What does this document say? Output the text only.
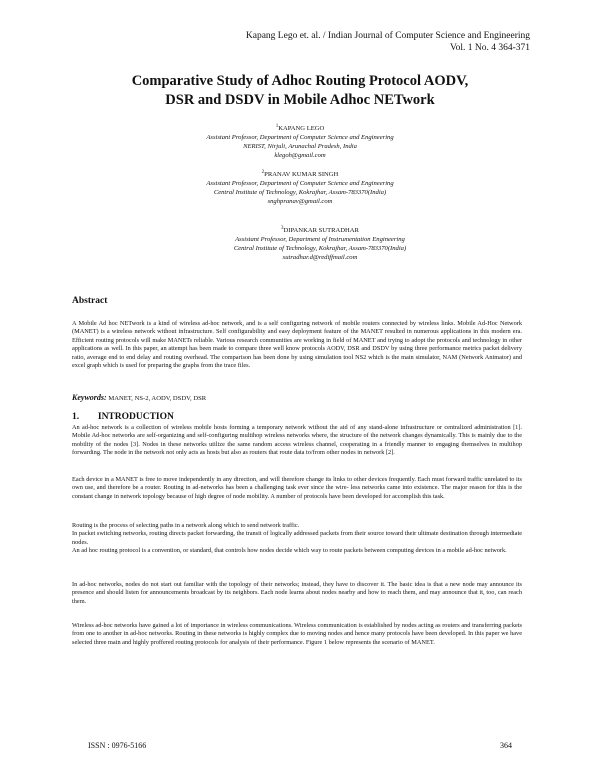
Kapang Lego et. al. / Indian Journal of Computer Science and Engineering
Vol. 1 No. 4 364-371
Comparative Study of Adhoc Routing Protocol AODV,
DSR and DSDV in Mobile Adhoc NETwork
$^1$KAPANG LEGO
Assistant Professor, Department of Computer Science and Engineering
NERIST, Nirjuli, Arunachal Pradesh, India
klegoh@gmail.com
$^2$PRANAV KUMAR SINGH
Assistant Professor, Department of Computer Science and Engineering
Central Institute of Technology, Kokrajhar, Assam-783370(India)
snghpranav@gmail.com
$^3$DIPANKAR SUTRADHAR
Assistant Professor, Department of Instrumentation Engineering
Central Institute of Technology, Kokrajhar, Assam-783370(India)
sutradhar.d@rediffmail.com
Abstract
A Mobile Ad hoc NETwork is a kind of wireless ad-hoc network, and is a self configuring network of mobile routers connected by wireless links. Mobile Ad-Hoc Network (MANET) is a wireless network without infrastructure. Self configurability and easy deployment feature of the MANET resulted in numerous applications in this modern era. Efficient routing protocols will make MANETs reliable. Various research communities are working in field of MANET and trying to adopt the protocols and technology in other applications as well. In this paper, an attempt has been made to compare three well know protocols AODV, DSR and DSDV by using three performance metrics packet delivery ratio, average end to end delay and routing overhead. The comparison has been done by using simulation tool NS2 which is the main simulator, NAM (Network Animator) and excel graph which is used for preparing the graphs from the trace files.
Keywords: MANET, NS-2, AODV, DSDV, DSR
1. INTRODUCTION
An ad-hoc network is a collection of wireless mobile hosts forming a temporary network without the aid of any stand-alone infrastructure or centralized administration [1]. Mobile Ad-hoc networks are self-organizing and self-configuring multihop wireless networks where, the structure of the network changes dynamically. This is mainly due to the mobility of the nodes [3]. Nodes in these networks utilize the same random access wireless channel, cooperating in a friendly manner to engaging themselves in multihop forwarding. The node in the network not only acts as hosts but also as routers that route data to/from other nodes in network [2].
Each device in a MANET is free to move independently in any direction, and will therefore change its links to other devices frequently. Each must forward traffic unrelated to its own use, and therefore be a router. Routing in ad-networks has been a challenging task ever since the wire- less networks came into existence. The major reason for this is the constant change in network topology because of high degree of node mobility. A number of protocols have been developed for accomplish this task.
Routing is the process of selecting paths in a network along which to send network traffic.
In packet switching networks, routing directs packet forwarding, the transit of logically addressed packets from their source toward their ultimate destination through intermediate nodes.
An ad hoc routing protocol is a convention, or standard, that controls how nodes decide which way to route packets between computing devices in a mobile ad-hoc network.
In ad-hoc networks, nodes do not start out familiar with the topology of their networks; instead, they have to discover it. The basic idea is that a new node may announce its presence and should listen for announcements broadcast by its neighbors. Each node learns about nodes nearby and how to reach them, and may announce that it, too, can reach them.
Wireless ad-hoc networks have gained a lot of importance in wireless communications. Wireless communication is established by nodes acting as routers and transferring packets from one to another in ad-hoc networks. Routing in these networks is highly complex due to moving nodes and hence many protocols have been developed. In this paper we have selected three main and highly proffered routing protocols for analysis of their performance. Figure 1 below represents the scenario of MANET.
ISSN : 0976-5166	364
